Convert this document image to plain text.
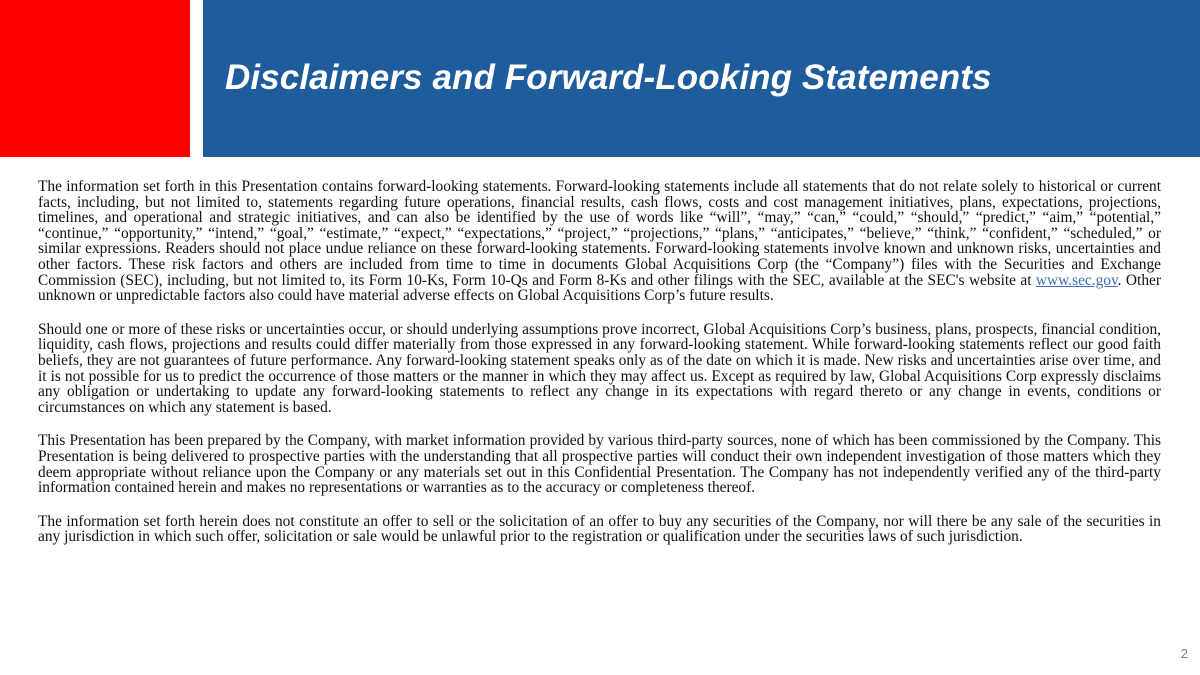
Disclaimers and Forward-Looking Statements

The information set forth in this Presentation contains forward-looking statements. Forward-looking statements include all statements that do not relate solely to historical or current facts, including, but not limited to, statements regarding future operations, financial results, cash flows, costs and cost management initiatives, plans, expectations, projections, timelines, and operational and strategic initiatives, and can also be identified by the use of words like “will”, “may,” “can,” “could,” “should,” “predict,” “aim,” “potential,” “continue,” “opportunity,” “intend,” “goal,” “estimate,” “expect,” “expectations,” “project,” “projections,” “plans,” “anticipates,” “believe,” “think,” “confident,” “scheduled,” or similar expressions. Readers should not place undue reliance on these forward-looking statements. Forward-looking statements involve known and unknown risks, uncertainties and other factors. These risk factors and others are included from time to time in documents Global Acquisitions Corp (the “Company”) files with the Securities and Exchange Commission (SEC), including, but not limited to, its Form 10-Ks, Form 10-Qs and Form 8-Ks and other filings with the SEC, available at the SEC's website at www.sec.gov. Other unknown or unpredictable factors also could have material adverse effects on Global Acquisitions Corp’s future results.

Should one or more of these risks or uncertainties occur, or should underlying assumptions prove incorrect, Global Acquisitions Corp’s business, plans, prospects, financial condition, liquidity, cash flows, projections and results could differ materially from those expressed in any forward-looking statement. While forward-looking statements reflect our good faith beliefs, they are not guarantees of future performance. Any forward-looking statement speaks only as of the date on which it is made. New risks and uncertainties arise over time, and it is not possible for us to predict the occurrence of those matters or the manner in which they may affect us. Except as required by law, Global Acquisitions Corp expressly disclaims any obligation or undertaking to update any forward-looking statements to reflect any change in its expectations with regard thereto or any change in events, conditions or circumstances on which any statement is based.

This Presentation has been prepared by the Company, with market information provided by various third-party sources, none of which has been commissioned by the Company. This Presentation is being delivered to prospective parties with the understanding that all prospective parties will conduct their own independent investigation of those matters which they deem appropriate without reliance upon the Company or any materials set out in this Confidential Presentation. The Company has not independently verified any of the third-party information contained herein and makes no representations or warranties as to the accuracy or completeness thereof.

The information set forth herein does not constitute an offer to sell or the solicitation of an offer to buy any securities of the Company, nor will there be any sale of the securities in any jurisdiction in which such offer, solicitation or sale would be unlawful prior to the registration or qualification under the securities laws of such jurisdiction.

2
